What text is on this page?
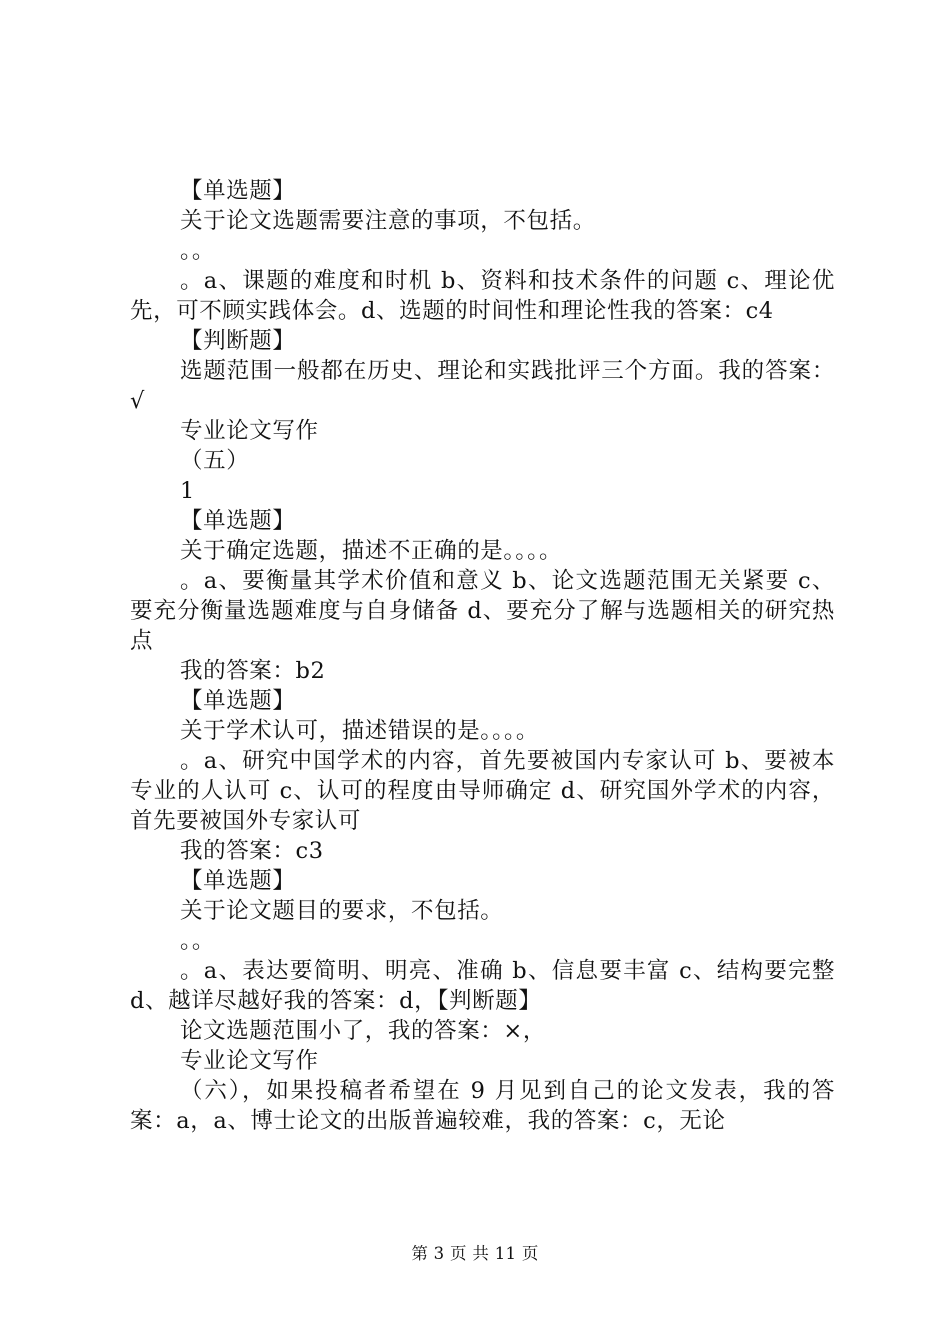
【单选题】

关于论文选题需要注意的事项，不包括。

。。

。a、课题的难度和时机 b、资料和技术条件的问题 c、理论优先，可不顾实践体会。d、选题的时间性和理论性我的答案：c4

【判断题】

选题范围一般都在历史、理论和实践批评三个方面。我的答案：√

专业论文写作

（五）

1

【单选题】

关于确定选题，描述不正确的是。。。。

。a、要衡量其学术价值和意义 b、论文选题范围无关紧要 c、要充分衡量选题难度与自身储备 d、要充分了解与选题相关的研究热点

我的答案：b2

【单选题】

关于学术认可，描述错误的是。。。。

。a、研究中国学术的内容，首先要被国内专家认可 b、要被本专业的人认可 c、认可的程度由导师确定 d、研究国外学术的内容，首先要被国外专家认可

我的答案：c3

【单选题】

关于论文题目的要求，不包括。

。。

。a、表达要简明、明亮、准确 b、信息要丰富 c、结构要完整 d、越详尽越好我的答案：d，【判断题】

论文选题范围小了，我的答案：×，

专业论文写作

（六），如果投稿者希望在 9 月见到自己的论文发表，我的答案：a，a、博士论文的出版普遍较难，我的答案：c，无论

第 3 页 共 11 页
